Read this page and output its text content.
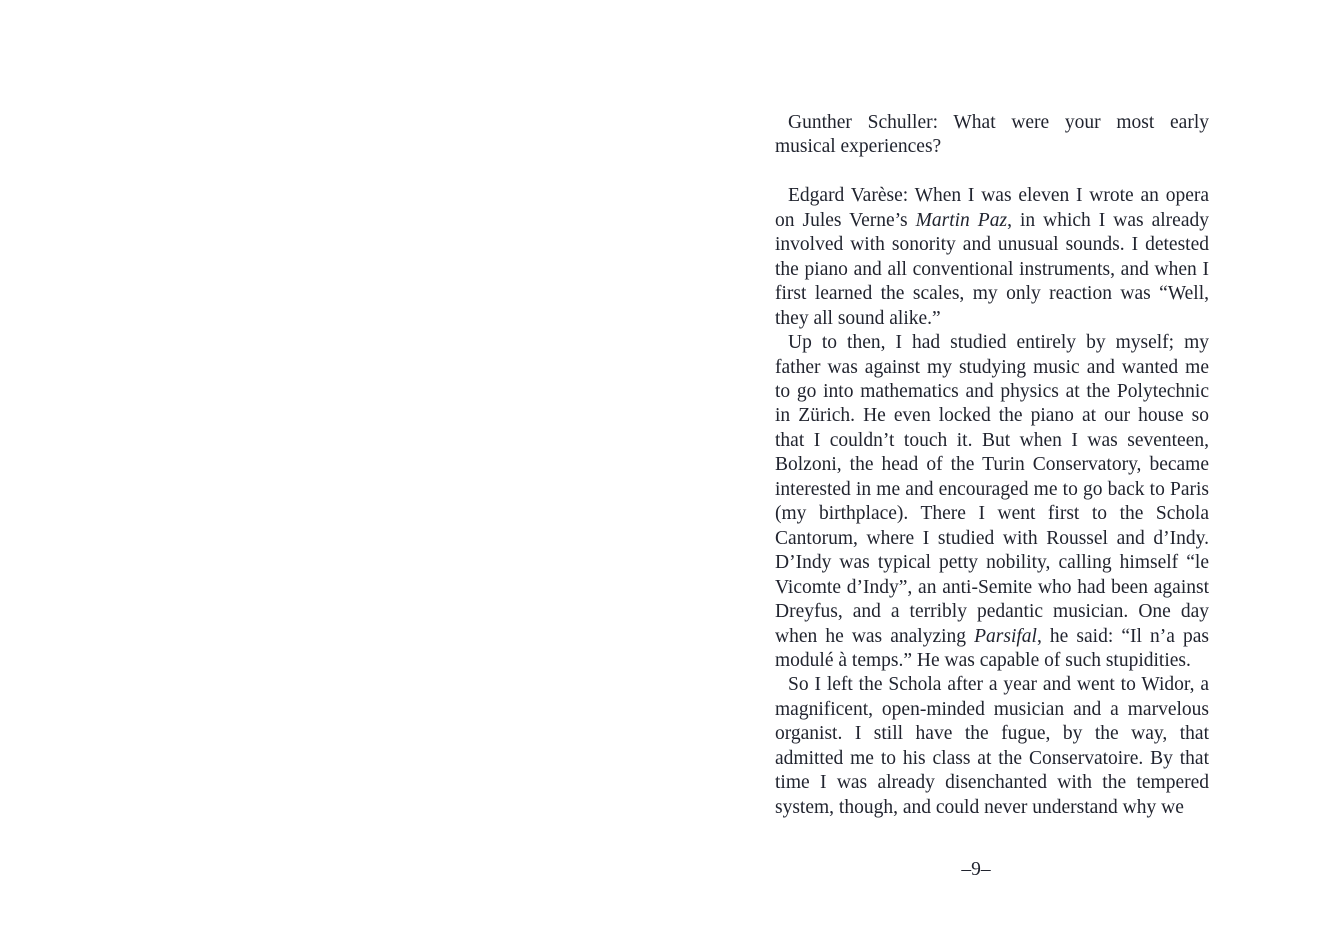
Gunther Schuller: What were your most early musical experiences?

Edgard Varèse: When I was eleven I wrote an opera on Jules Verne’s Martin Paz, in which I was already involved with sonority and unusual sounds. I detested the piano and all conventional instruments, and when I first learned the scales, my only reaction was “Well, they all sound alike.”

Up to then, I had studied entirely by myself; my father was against my studying music and wanted me to go into mathematics and physics at the Polytechnic in Zürich. He even locked the piano at our house so that I couldn’t touch it. But when I was seventeen, Bolzoni, the head of the Turin Conservatory, became interested in me and encouraged me to go back to Paris (my birthplace). There I went first to the Schola Cantorum, where I studied with Roussel and d’Indy. D’Indy was typical petty nobility, calling himself “le Vicomte d’Indy”, an anti-Semite who had been against Dreyfus, and a terribly pedantic musician. One day when he was analyzing Parsifal, he said: “Il n’a pas modulé à temps.” He was capable of such stupidities.

So I left the Schola after a year and went to Widor, a magnificent, open-minded musician and a marvelous organist. I still have the fugue, by the way, that admitted me to his class at the Conservatoire. By that time I was already disenchanted with the tempered system, though, and could never understand why we

–9–
